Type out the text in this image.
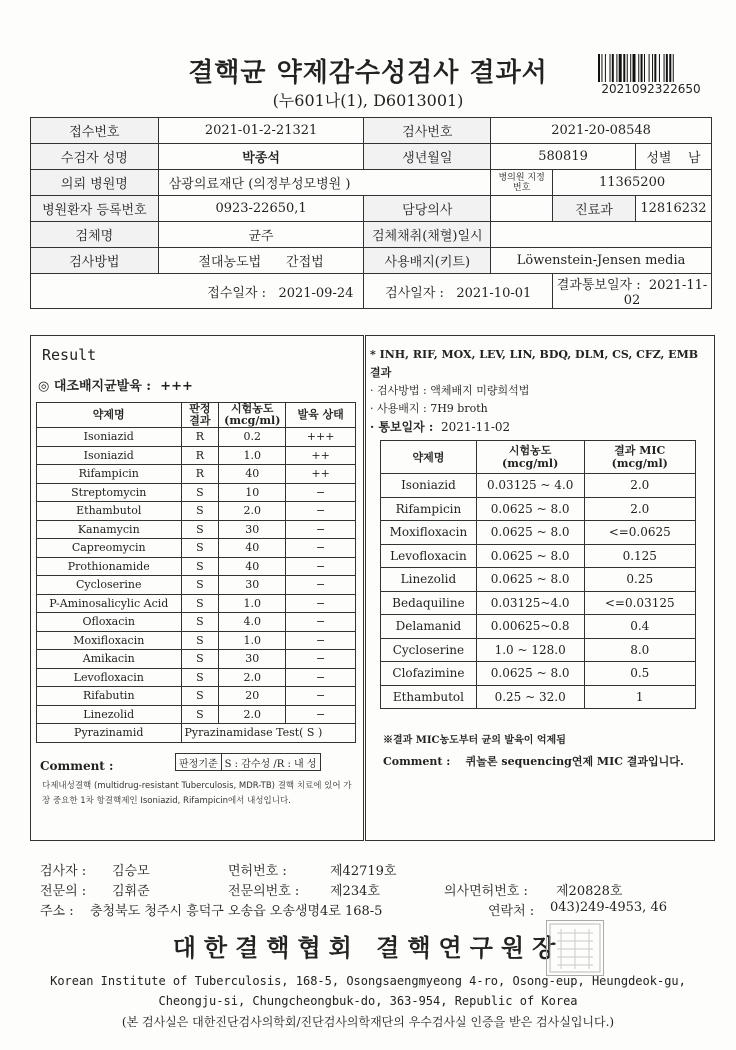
결핵균 약제감수성검사 결과서
(누601나(1), D6013001)
2021092322650
접수번호	2021-01-2-21321	검사번호	2021-20-08548		
수검자 성명	박종석	생년월일	580819		성별 남
의뢰 병원명	삼광의료재단 (의정부성모병원 )		병의원 지정번호	11365200	
병원환자 등록번호	0923-22650,1	담당의사		진료과	12816232
검체명	균주	검체채취(채혈)일시			
검사방법	절대농도법 간접법	사용배지(키트)	Löwenstein-Jensen media		
접수일자 : 2021-09-24		검사일자 : 2021-10-01		결과통보일자 : 2021-11-02	
Result
◎ 대조배지균발육 : +++
약제명	판정 결과	시험농도 (mcg/ml)	발육 상태
Isoniazid	R	0.2	+++
Isoniazid	R	1.0	++
Rifampicin	R	40	++
Streptomycin	S	10	−
Ethambutol	S	2.0	−
Kanamycin	S	30	−
Capreomycin	S	40	−
Prothionamide	S	40	−
Cycloserine	S	30	−
P-Aminosalicylic Acid	S	1.0	−
Ofloxacin	S	4.0	−
Moxifloxacin	S	1.0	−
Amikacin	S	30	−
Levofloxacin	S	2.0	−
Rifabutin	S	20	−
Linezolid	S	2.0	−
Pyrazinamid	Pyrazinamidase Test( S )		
Comment :	판정기준	S : 감수성 /R : 내 성
다제내성결핵 (multidrug-resistant Tuberculosis, MDR-TB) 결핵 치료에 있어 가장 중요한 1차 항결핵제인 Isoniazid, Rifampicin에서 내성입니다.
* INH, RIF, MOX, LEV, LIN, BDQ, DLM, CS, CFZ, EMB 결과
· 검사방법 : 액체배지 미량희석법
· 사용배지 : 7H9 broth
· 통보일자 : 2021-11-02
약제명	시험농도 (mcg/ml)	결과 MIC (mcg/ml)
Isoniazid	0.03125 ~ 4.0	2.0
Rifampicin	0.0625 ~ 8.0	2.0
Moxifloxacin	0.0625 ~ 8.0	<=0.0625
Levofloxacin	0.0625 ~ 8.0	0.125
Linezolid	0.0625 ~ 8.0	0.25
Bedaquiline	0.03125~4.0	<=0.03125
Delamanid	0.00625~0.8	0.4
Cycloserine	1.0 ~ 128.0	8.0
Clofazimine	0.0625 ~ 8.0	0.5
Ethambutol	0.25 ~ 32.0	1
※결과 MIC농도부터 균의 발육이 억제됨
Comment : 퀴놀론 sequencing연제 MIC 결과입니다.
검사자 : 김승모	면허번호 :	제42719호
전문의 : 김휘준	전문의번호 : 제234호	의사면허번호 : 제20828호
주소 : 충청북도 청주시 흥덕구 오송읍 오송생명4로 168-5	연락처 : 043)249-4953, 46
대한결핵협회 결핵연구원장
Korean Institute of Tuberculosis, 168-5, Osongsaengmyeong 4-ro, Osong-eup, Heungdeok-gu,
Cheongju-si, Chungcheongbuk-do, 363-954, Republic of Korea
(본 검사실은 대한진단검사의학회/진단검사의학재단의 우수검사실 인증을 받은 검사실입니다.)
